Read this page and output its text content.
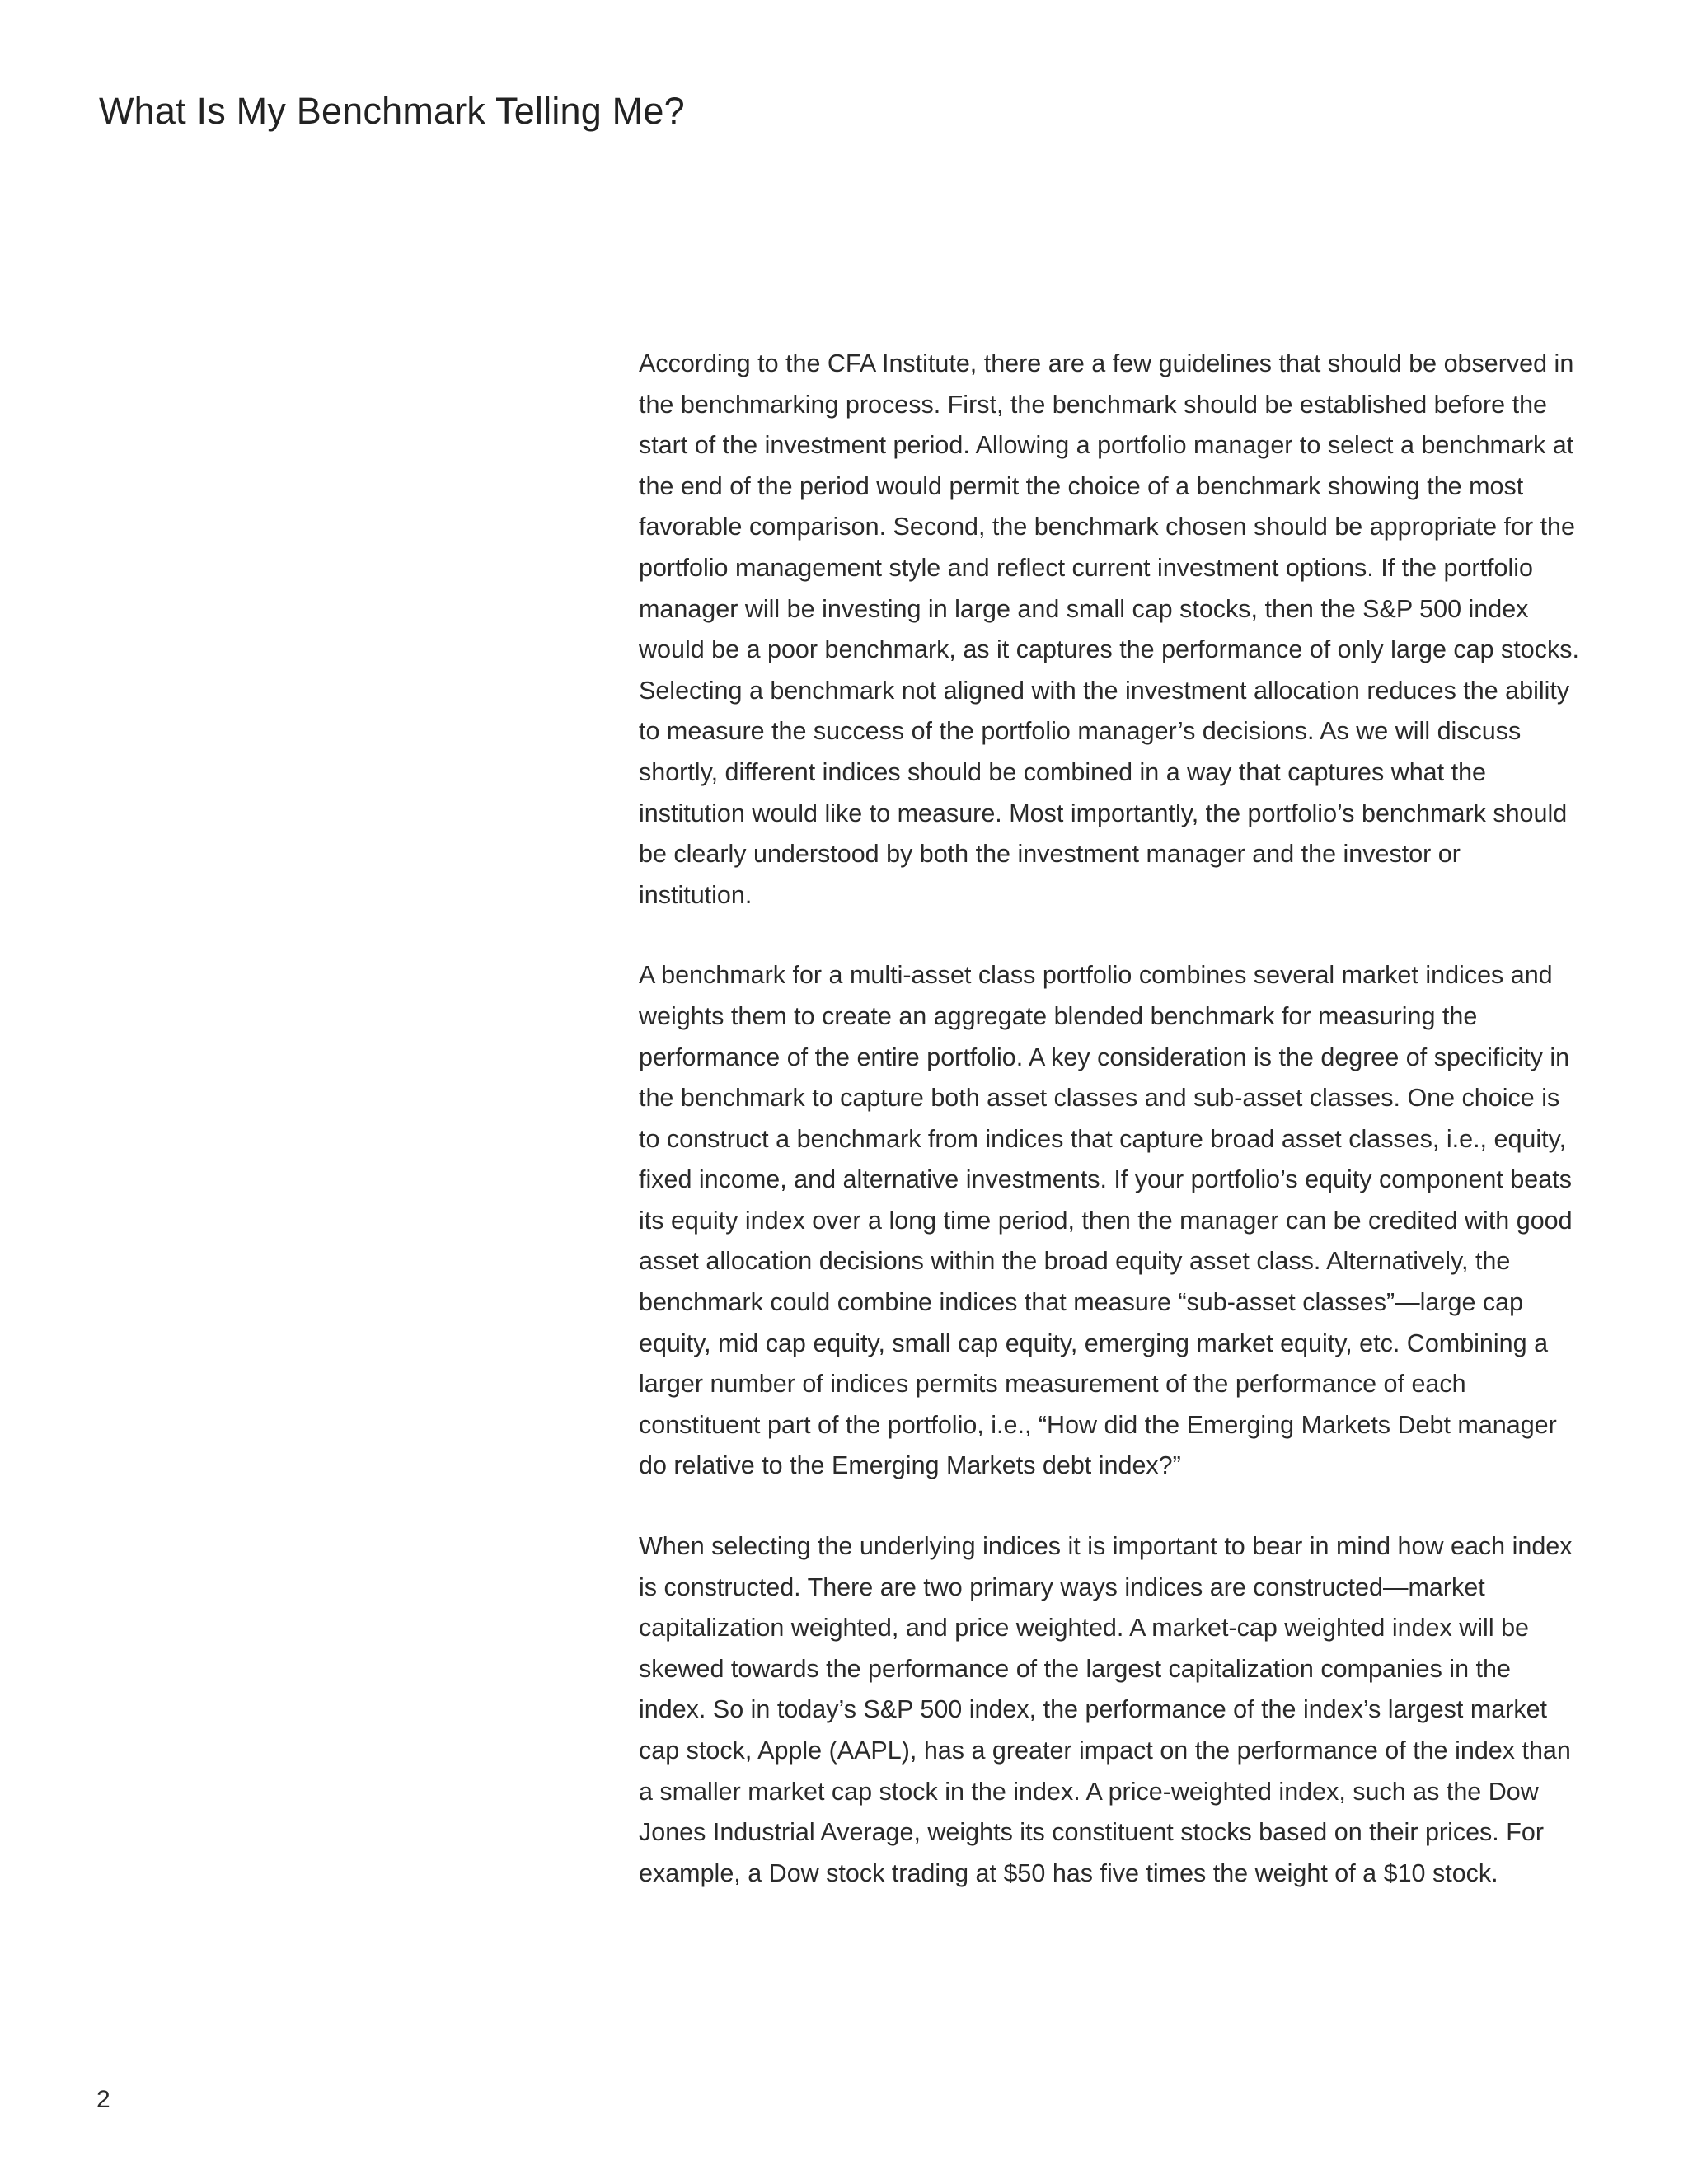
What Is My Benchmark Telling Me?

According to the CFA Institute, there are a few guidelines that should be observed in the benchmarking process. First, the benchmark should be established before the start of the investment period. Allowing a portfolio manager to select a benchmark at the end of the period would permit the choice of a benchmark showing the most favorable comparison. Second, the benchmark chosen should be appropriate for the portfolio management style and reflect current investment options. If the portfolio manager will be investing in large and small cap stocks, then the S&P 500 index would be a poor benchmark, as it captures the performance of only large cap stocks. Selecting a benchmark not aligned with the investment allocation reduces the ability to measure the success of the portfolio manager’s decisions. As we will discuss shortly, different indices should be combined in a way that captures what the institution would like to measure. Most importantly, the portfolio’s benchmark should be clearly understood by both the investment manager and the investor or institution.

A benchmark for a multi-asset class portfolio combines several market indices and weights them to create an aggregate blended benchmark for measuring the performance of the entire portfolio. A key consideration is the degree of specificity in the benchmark to capture both asset classes and sub-asset classes. One choice is to construct a benchmark from indices that capture broad asset classes, i.e., equity, fixed income, and alternative investments. If your portfolio’s equity component beats its equity index over a long time period, then the manager can be credited with good asset allocation decisions within the broad equity asset class. Alternatively, the benchmark could combine indices that measure “sub-asset classes”—large cap equity, mid cap equity, small cap equity, emerging market equity, etc. Combining a larger number of indices permits measurement of the performance of each constituent part of the portfolio, i.e., “How did the Emerging Markets Debt manager do relative to the Emerging Markets debt index?”

When selecting the underlying indices it is important to bear in mind how each index is constructed. There are two primary ways indices are constructed—market capitalization weighted, and price weighted. A market-cap weighted index will be skewed towards the performance of the largest capitalization companies in the index. So in today’s S&P 500 index, the performance of the index’s largest market cap stock, Apple (AAPL), has a greater impact on the performance of the index than a smaller market cap stock in the index. A price-weighted index, such as the Dow Jones Industrial Average, weights its constituent stocks based on their prices. For example, a Dow stock trading at $50 has five times the weight of a $10 stock.

2
